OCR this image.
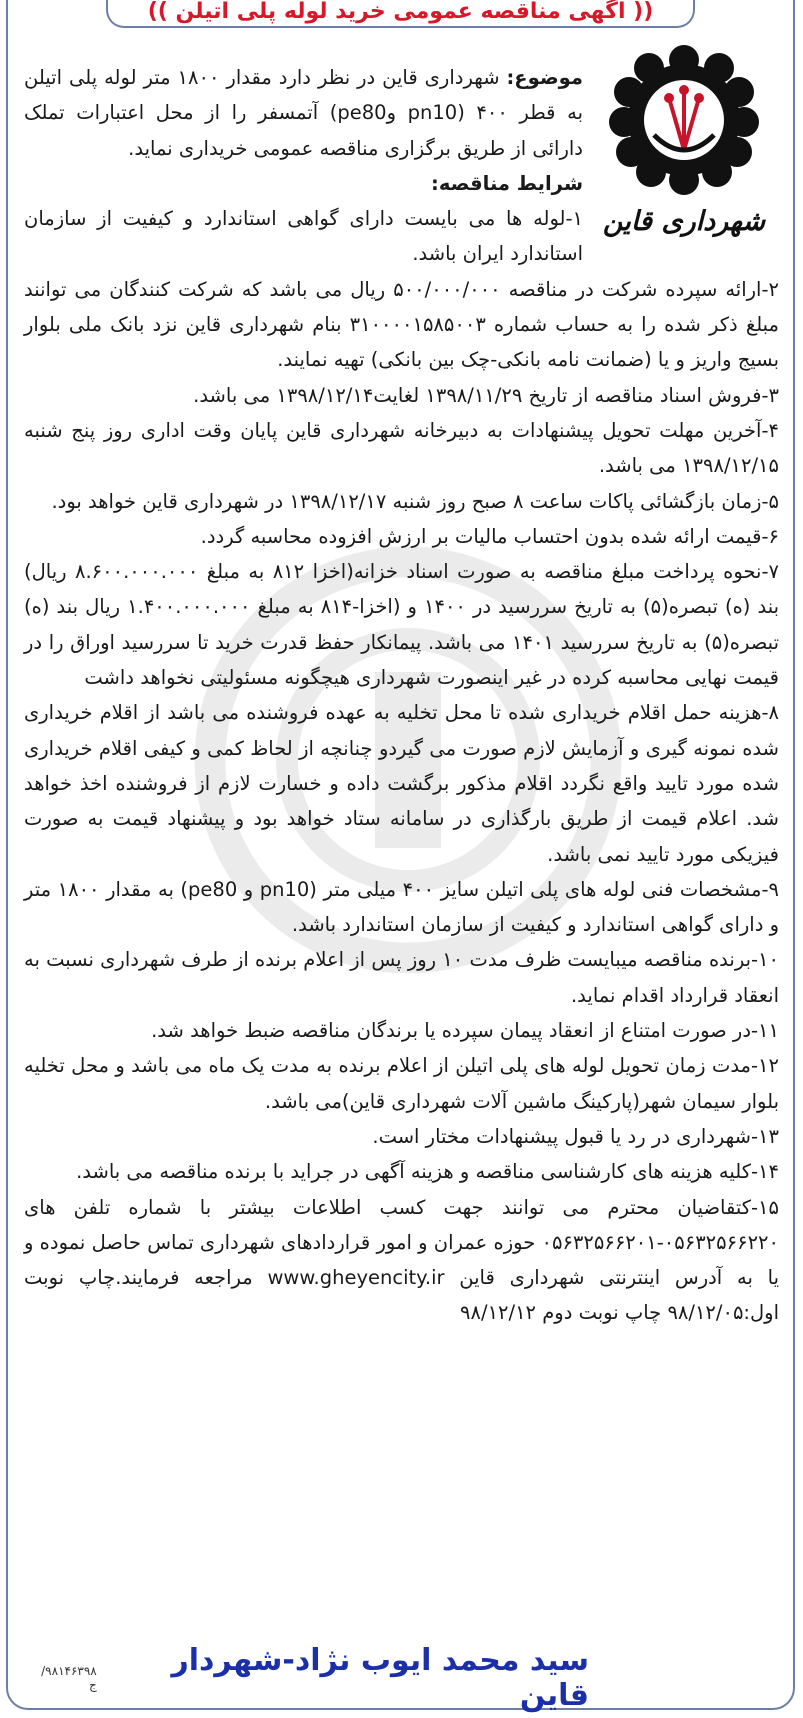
(( آگهی مناقصه عمومی خرید لوله پلی اتیلن ))
شهرداری قاین

موضوع: شهرداری قاین در نظر دارد مقدار ۱۸۰۰ متر لوله پلی اتیلن به قطر ۴۰۰ (pn10 وpe80) آتمسفر را از محل اعتبارات تملک دارائی از طریق برگزاری مناقصه عمومی خریداری نماید.

شرایط مناقصه:

۱-لوله ها می بایست دارای گواهی استاندارد و کیفیت از سازمان استاندارد ایران باشد.

۲-ارائه سپرده شرکت در مناقصه ۵۰۰/۰۰۰/۰۰۰ ریال می باشد که شرکت کنندگان می توانند مبلغ ذکر شده را به حساب شماره ۳۱۰۰۰۰۱۵۸۵۰۰۳ بنام شهرداری قاین نزد بانک ملی بلوار بسیج واریز و یا (ضمانت نامه بانکی-چک بین بانکی) تهیه نمایند.

۳-فروش اسناد مناقصه از تاریخ ۱۳۹۸/۱۱/۲۹ لغایت۱۳۹۸/۱۲/۱۴ می باشد.

۴-آخرین مهلت تحویل پیشنهادات به دبیرخانه شهرداری قاین پایان وقت اداری روز پنج شنبه ۱۳۹۸/۱۲/۱۵ می باشد.

۵-زمان بازگشائی پاکات ساعت ۸ صبح روز شنبه ۱۳۹۸/۱۲/۱۷ در شهرداری قاین خواهد بود.

۶-قیمت ارائه شده بدون احتساب مالیات بر ارزش افزوده محاسبه گردد.

۷-نحوه پرداخت مبلغ مناقصه به صورت اسناد خزانه(اخزا ۸۱۲ به مبلغ ۸.۶۰۰.۰۰۰.۰۰۰ ریال) بند (ه) تبصره(۵) به تاریخ سررسید در ۱۴۰۰ و (اخزا-۸۱۴ به مبلغ ۱.۴۰۰.۰۰۰.۰۰۰ ریال بند (ه) تبصره(۵) به تاریخ سررسید ۱۴۰۱ می باشد. پیمانکار حفظ قدرت خرید تا سررسید اوراق را در قیمت نهایی محاسبه کرده در غیر اینصورت شهرداری هیچگونه مسئولیتی نخواهد داشت

۸-هزینه حمل اقلام خریداری شده تا محل تخلیه به عهده فروشنده می باشد از اقلام خریداری شده نمونه گیری و آزمایش لازم صورت می گیردو چنانچه از لحاظ کمی و کیفی اقلام خریداری شده مورد تایید واقع نگردد اقلام مذکور برگشت داده و خسارت لازم از فروشنده اخذ خواهد شد. اعلام قیمت از طریق بارگذاری در سامانه ستاد خواهد بود و پیشنهاد قیمت به صورت فیزیکی مورد تایید نمی باشد.

۹-مشخصات فنی لوله های پلی اتیلن سایز ۴۰۰ میلی متر (pn10 و pe80) به مقدار ۱۸۰۰ متر و دارای گواهی استاندارد و کیفیت از سازمان استاندارد باشد.

۱۰-برنده مناقصه میبایست ظرف مدت ۱۰ روز پس از اعلام برنده از طرف شهرداری نسبت به انعقاد قرارداد اقدام نماید.

۱۱-در صورت امتناع از انعقاد پیمان سپرده یا برندگان مناقصه ضبط خواهد شد.

۱۲-مدت زمان تحویل لوله های پلی اتیلن از اعلام برنده به مدت یک ماه می باشد و محل تخلیه بلوار سیمان شهر(پارکینگ ماشین آلات شهرداری قاین)می باشد.

۱۳-شهرداری در رد یا قبول پیشنهادات مختار است.

۱۴-کلیه هزینه های کارشناسی مناقصه و هزینه آگهی در جراید با برنده مناقصه می باشد.

۱۵-کتقاضیان محترم می توانند جهت کسب اطلاعات بیشتر با شماره تلفن های ۰۵۶۳۲۵۶۶۲۲۰-۰۵۶۳۲۵۶۶۲۰۱ حوزه عمران و امور قراردادهای شهرداری تماس حاصل نموده و یا به آدرس اینترنتی شهرداری قاین www.gheyencity.ir مراجعه فرمایند.چاپ نوبت اول:۹۸/۱۲/۰۵ چاپ نوبت دوم ۹۸/۱۲/۱۲

سید محمد ایوب نژاد-شهردار قاین
۹۸۱۴۶۳۹۸/ج
